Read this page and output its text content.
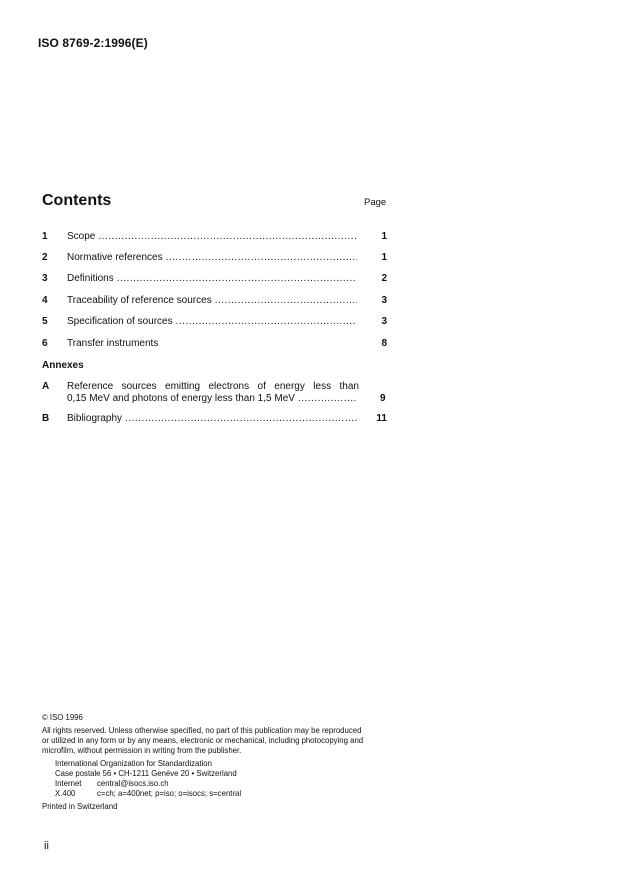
ISO 8769-2:1996(E)
Contents	Page
1 Scope .....	1
2 Normative references .....	1
3 Definitions .....	2
4 Traceability of reference sources .....	3
5 Specification of sources .....	3
6 Transfer instruments	8
Annexes
A Reference sources emitting electrons of energy less than
0,15 MeV and photons of energy less than 1,5 MeV .....	9
B Bibliography .....	11
© ISO 1996
All rights reserved. Unless otherwise specified, no part of this publication may be reproduced
or utilized in any form or by any means, electronic or mechanical, including photocopying and
microfilm, without permission in writing from the publisher.
International Organization for Standardization
Case postale 56 • CH-1211 Genève 20 • Switzerland
Internet central@isocs.iso.ch
X.400	c=ch; a=400net; p=iso; o=isocs; s=central
Printed in Switzerland
ii
